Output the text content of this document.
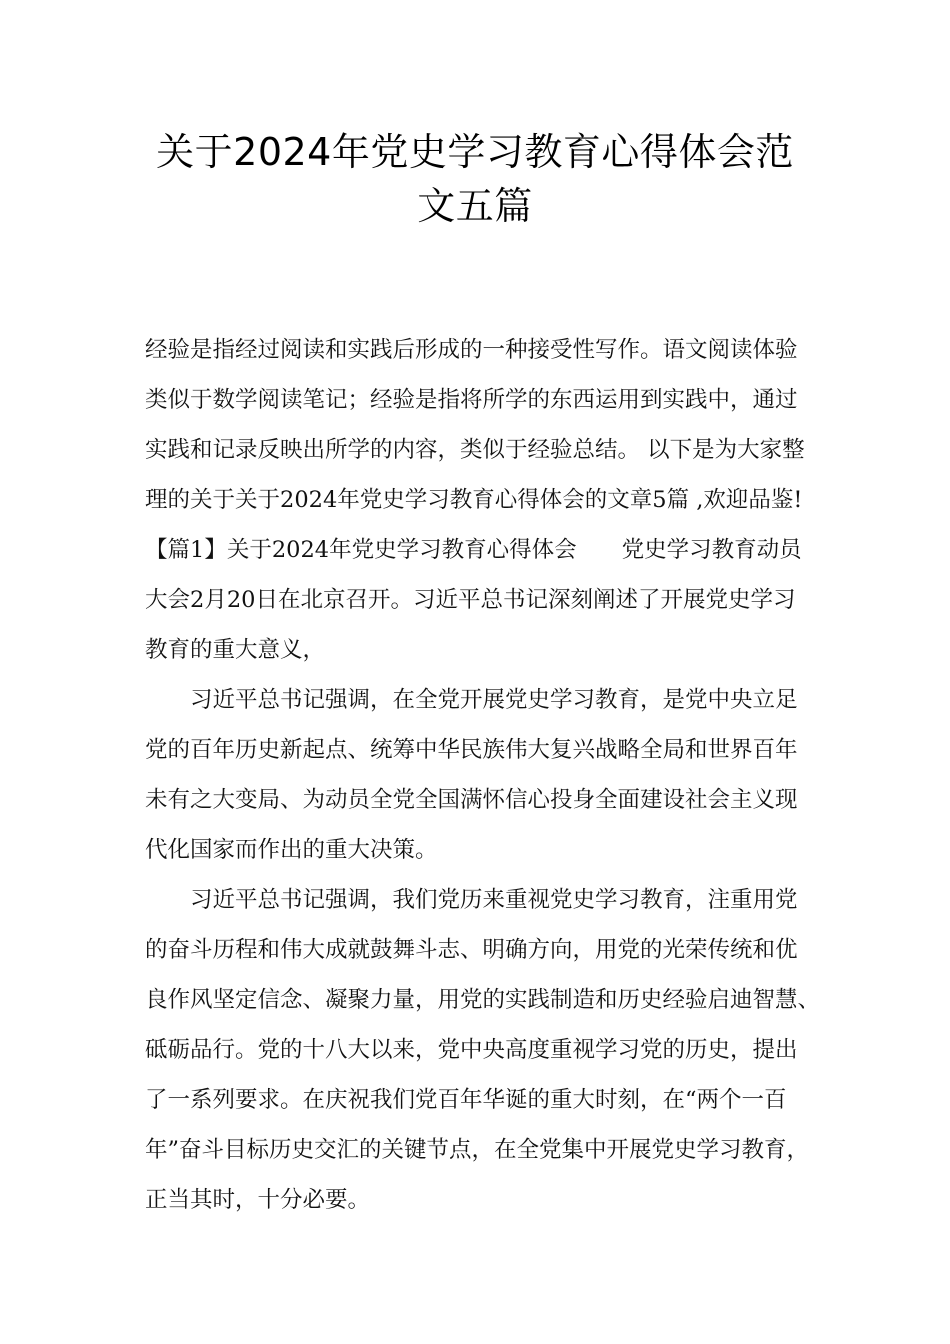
关于2024年党史学习教育心得体会范
文五篇
经验是指经过阅读和实践后形成的一种接受性写作。语文阅读体验
类似于数学阅读笔记；经验是指将所学的东西运用到实践中，通过
实践和记录反映出所学的内容，类似于经验总结。 以下是为大家整
理的关于关于2024年党史学习教育心得体会的文章5篇 ,欢迎品鉴!
【篇1】关于2024年党史学习教育心得体会　　党史学习教育动员
大会2月20日在北京召开。习近平总书记深刻阐述了开展党史学习
教育的重大意义，
　　习近平总书记强调，在全党开展党史学习教育，是党中央立足
党的百年历史新起点、统筹中华民族伟大复兴战略全局和世界百年
未有之大变局、为动员全党全国满怀信心投身全面建设社会主义现
代化国家而作出的重大决策。
　　习近平总书记强调，我们党历来重视党史学习教育，注重用党
的奋斗历程和伟大成就鼓舞斗志、明确方向，用党的光荣传统和优
良作风坚定信念、凝聚力量，用党的实践制造和历史经验启迪智慧、
砥砺品行。党的十八大以来，党中央高度重视学习党的历史，提出
了一系列要求。在庆祝我们党百年华诞的重大时刻，在“两个一百
年”奋斗目标历史交汇的关键节点，在全党集中开展党史学习教育，
正当其时，十分必要。
